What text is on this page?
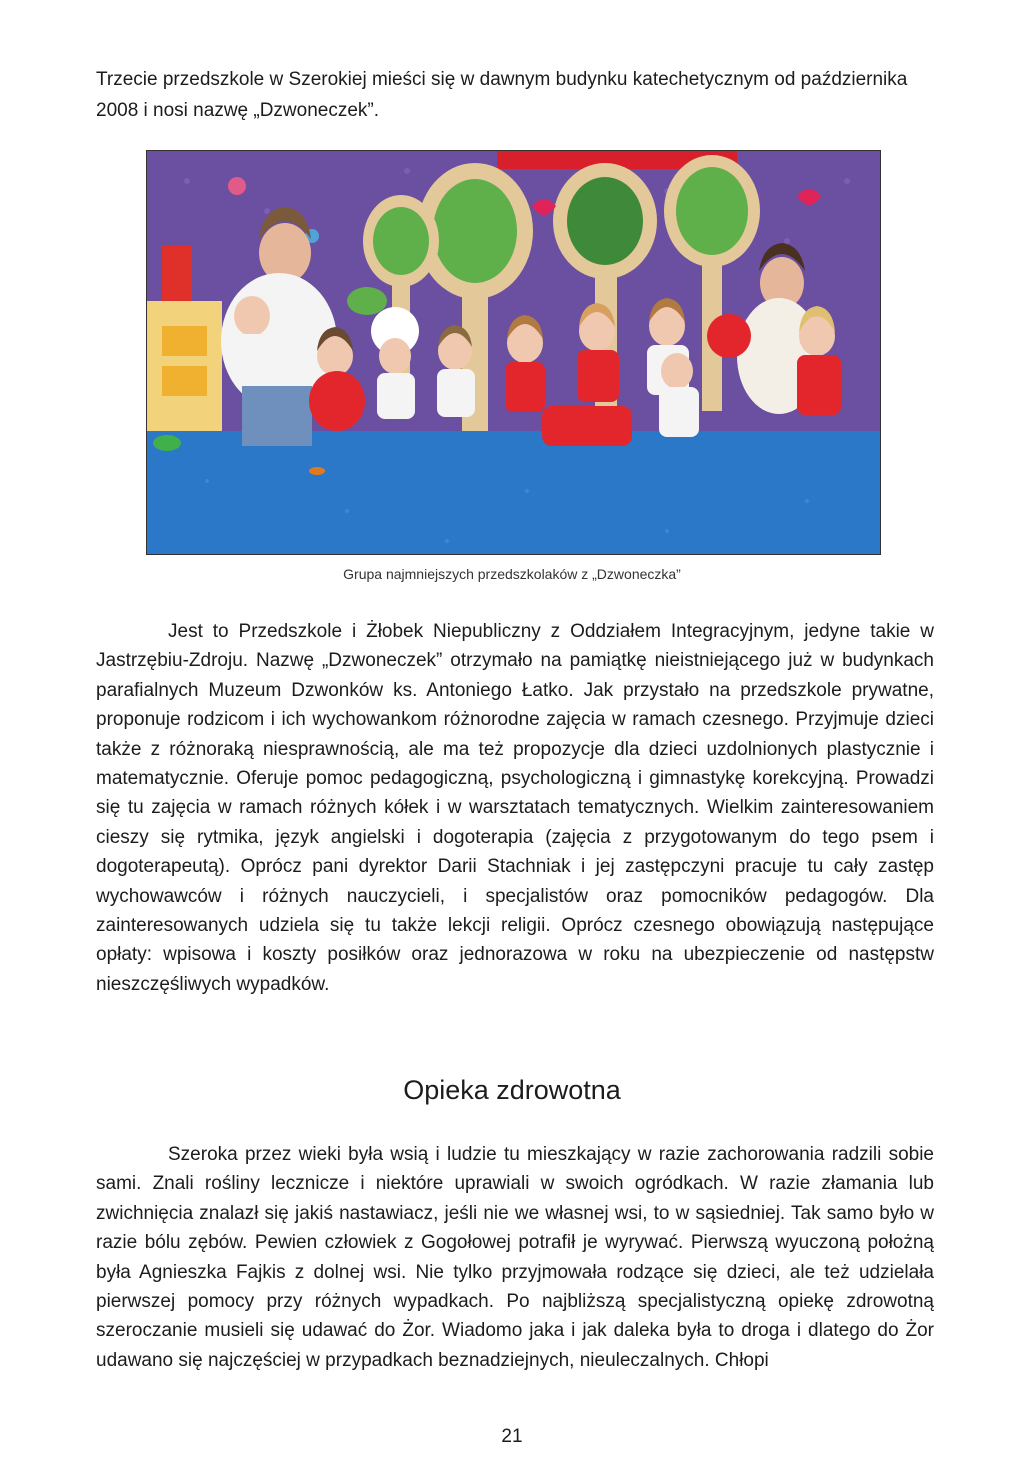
Trzecie przedszkole w Szerokiej mieści się w dawnym budynku katechetycznym od października 2008 i nosi nazwę „Dzwoneczek”.

Grupa najmniejszych przedszkolaków z „Dzwoneczka”

Jest to Przedszkole i Żłobek Niepubliczny z Oddziałem Integracyjnym, jedyne takie w Jastrzębiu-Zdroju. Nazwę „Dzwoneczek” otrzymało na pamiątkę nieistniejącego już w budynkach parafialnych Muzeum Dzwonków ks. Antoniego Łatko. Jak przystało na przedszkole prywatne, proponuje rodzicom i ich wychowankom różnorodne zajęcia w ramach czesnego. Przyjmuje dzieci także z różnoraką niesprawnością, ale ma też propozycje dla dzieci uzdolnionych plastycznie i matematycznie. Oferuje pomoc pedagogiczną, psychologiczną i gimnastykę korekcyjną. Prowadzi się tu zajęcia w ramach różnych kółek i w warsztatach tematycznych. Wielkim zainteresowaniem cieszy się rytmika, język angielski i dogoterapia (zajęcia z przygotowanym do tego psem i dogoterapeutą). Oprócz pani dyrektor Darii Stachniak i jej zastępczyni pracuje tu cały zastęp wychowawców i różnych nauczycieli, i specjalistów oraz pomocników pedagogów. Dla zainteresowanych udziela się tu także lekcji religii. Oprócz czesnego obowiązują następujące opłaty: wpisowa i koszty posiłków oraz jednorazowa w roku na ubezpieczenie od następstw nieszczęśliwych wypadków.

Opieka zdrowotna

Szeroka przez wieki była wsią i ludzie tu mieszkający w razie zachorowania radzili sobie sami. Znali rośliny lecznicze i niektóre uprawiali w swoich ogródkach. W razie złamania lub zwichnięcia znalazł się jakiś nastawiacz, jeśli nie we własnej wsi, to w sąsiedniej. Tak samo było w razie bólu zębów. Pewien człowiek z Gogołowej potrafił je wyrywać. Pierwszą wyuczoną położną była Agnieszka Fajkis z dolnej wsi. Nie tylko przyjmowała rodzące się dzieci, ale też udzielała pierwszej pomocy przy różnych wypadkach. Po najbliższą specjalistyczną opiekę zdrowotną szeroczanie musieli się udawać do Żor. Wiadomo jaka i jak daleka była to droga i dlatego do Żor udawano się najczęściej w przypadkach beznadziejnych, nieuleczalnych. Chłopi

21
